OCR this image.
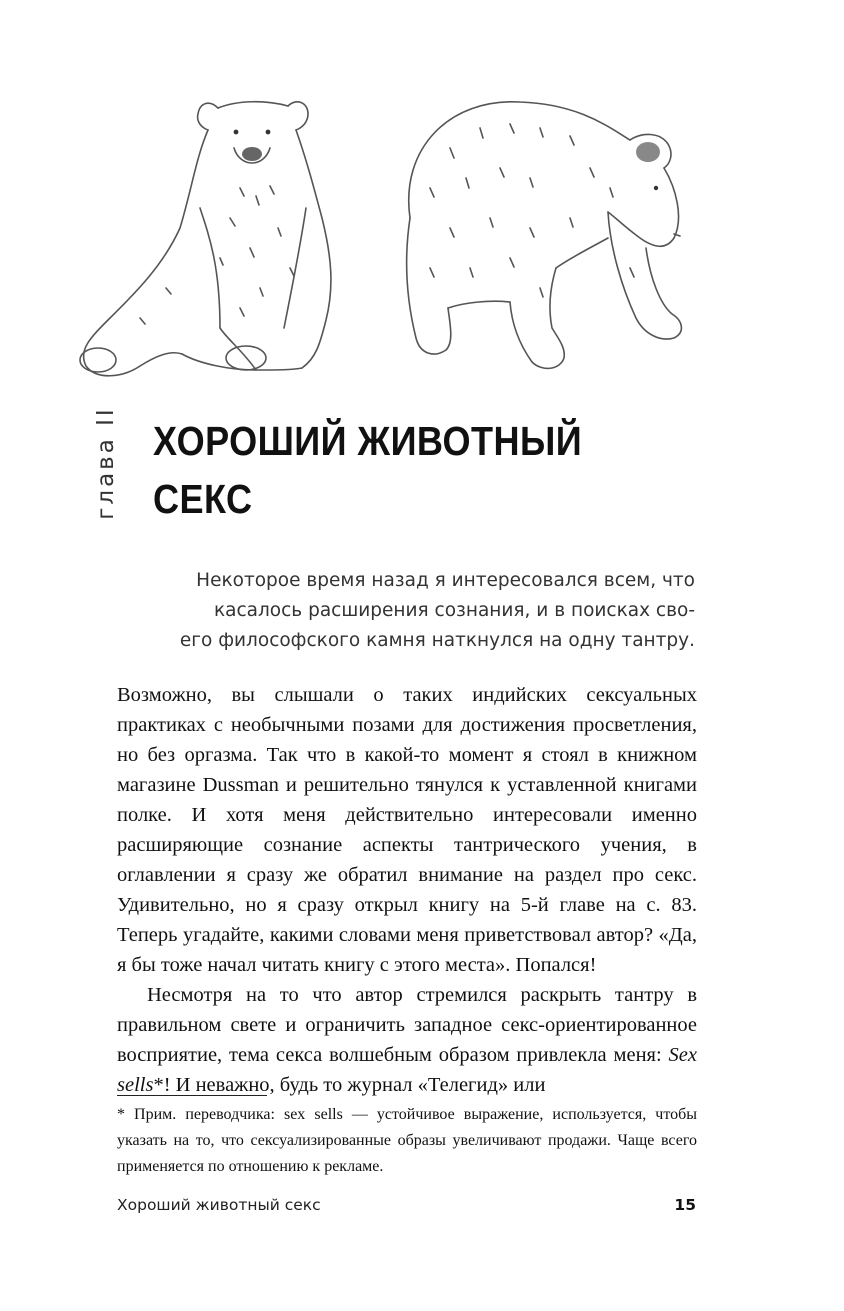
глава II ХОРОШИЙ ЖИВОТНЫЙ
СЕКС

Некоторое время назад я интересовался всем, что
касалось расширения сознания, и в поисках сво-
его философского камня наткнулся на одну тантру.

Возможно, вы слышали о таких индийских сексуальных практиках с необычными позами для достижения просветления, но без оргазма. Так что в какой-то момент я стоял в книжном магазине Dussman и решительно тянулся к уставленной книгами полке. И хотя меня действительно интересовали именно расширяющие сознание аспекты тантрического учения, в оглавлении я сразу же обратил внимание на раздел про секс. Удивительно, но я сразу открыл книгу на 5-й главе на с. 83. Теперь угадайте, какими словами меня приветствовал автор? «Да, я бы тоже начал читать книгу с этого места». Попался!

Несмотря на то что автор стремился раскрыть тантру в правильном свете и ограничить западное секс-ориентированное восприятие, тема секса волшебным образом привлекла меня: Sex sells*! И неважно, будь то журнал «Телегид» или

* Прим. переводчика: sex sells — устойчивое выражение, используется, чтобы указать на то, что сексуализированные образы увеличивают продажи. Чаще всего применяется по отношению к рекламе.

Хороший животный секс	15
